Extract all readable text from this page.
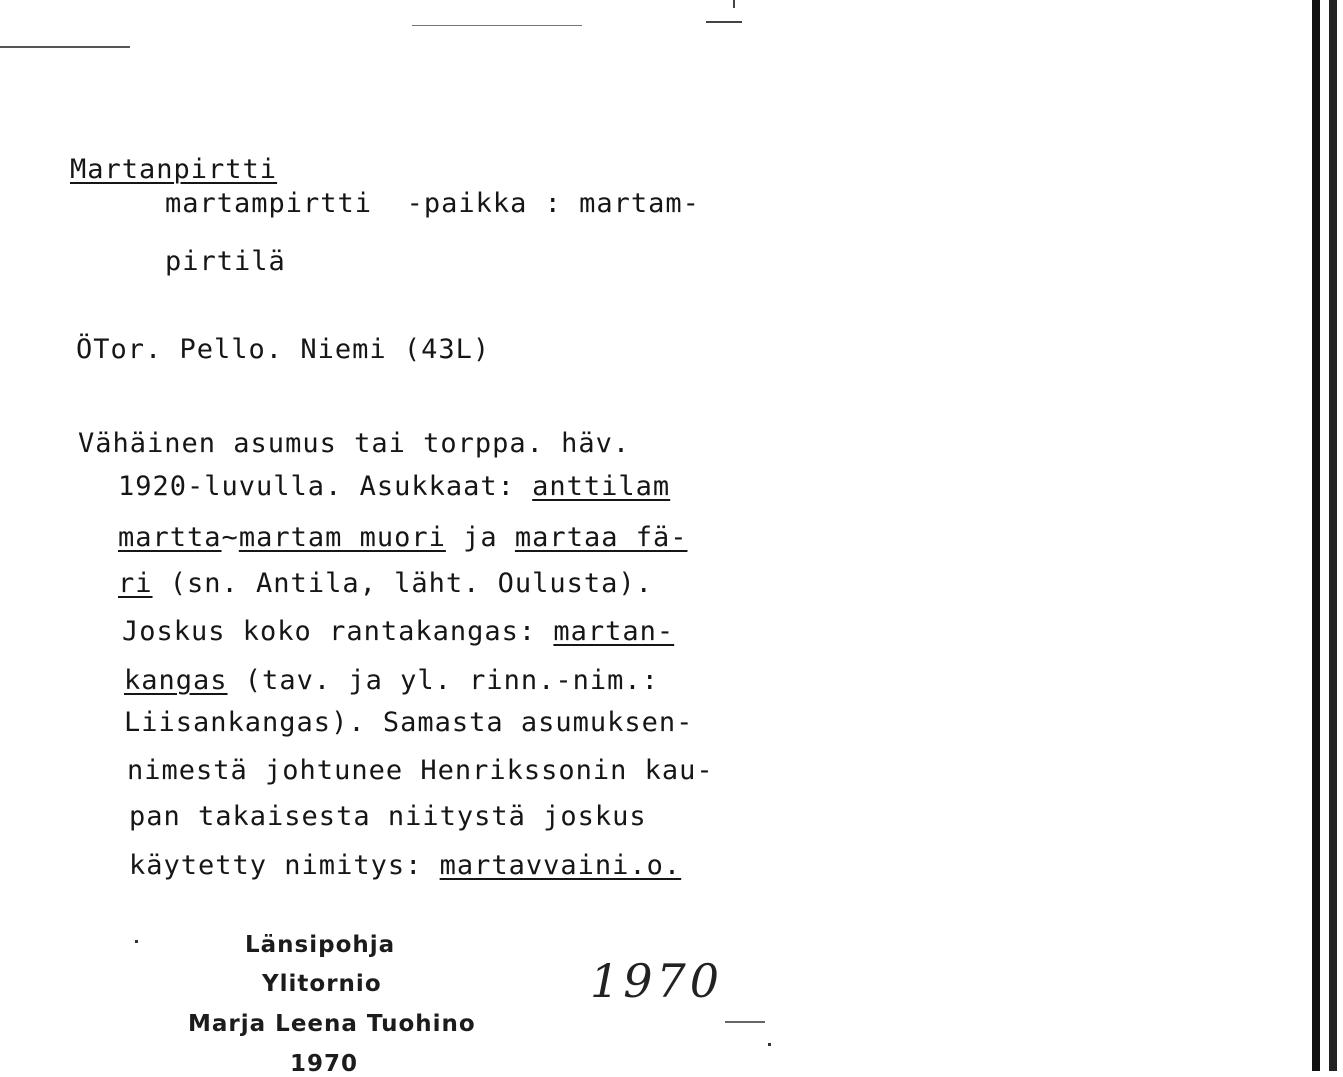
Martanpirtti
martampirtti  -paikka : martam-
pirtilä
ÖTor. Pello. Niemi (43L)
Vähäinen asumus tai torppa. häv.
1920-luvulla. Asukkaat: anttilam
martta~martam muori ja martaa fä-
ri (sn. Antila, läht. Oulusta).
Joskus koko rantakangas: martan-
kangas (tav. ja yl. rinn.-nim.:
Liisankangas). Samasta asumuksen-
nimestä johtunee Henrikssonin kau-
pan takaisesta niitystä joskus
käytetty nimitys: martavvaini.o.
Länsipohja
Ylitornio
Marja Leena Tuohino
1970
1970
